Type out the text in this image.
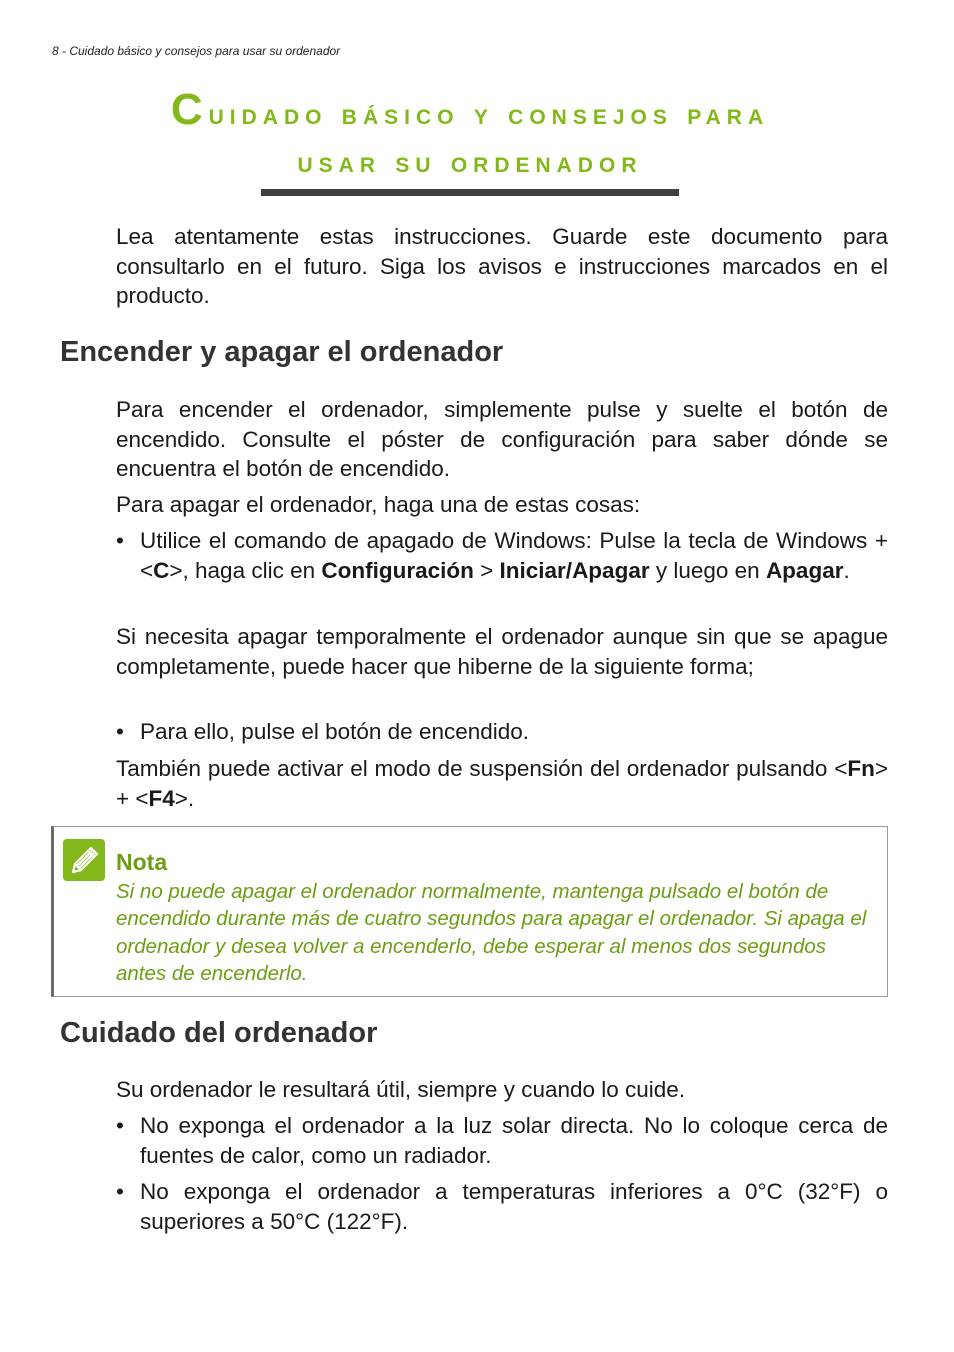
8 - Cuidado básico y consejos para usar su ordenador
Cuidado básico y consejos para
usar su ordenador

Lea atentamente estas instrucciones. Guarde este documento para consultarlo en el futuro. Siga los avisos e instrucciones marcados en el producto.

Encender y apagar el ordenador

Para encender el ordenador, simplemente pulse y suelte el botón de encendido. Consulte el póster de configuración para saber dónde se encuentra el botón de encendido.

Para apagar el ordenador, haga una de estas cosas:

• Utilice el comando de apagado de Windows: Pulse la tecla de Windows + <C>, haga clic en Configuración > Iniciar/Apagar y luego en Apagar.

Si necesita apagar temporalmente el ordenador aunque sin que se apague completamente, puede hacer que hiberne de la siguiente forma;

• Para ello, pulse el botón de encendido.

También puede activar el modo de suspensión del ordenador pulsando <Fn> + <F4>.

Nota

Si no puede apagar el ordenador normalmente, mantenga pulsado el botón de encendido durante más de cuatro segundos para apagar el ordenador. Si apaga el ordenador y desea volver a encenderlo, debe esperar al menos dos segundos antes de encenderlo.

Cuidado del ordenador

Su ordenador le resultará útil, siempre y cuando lo cuide.

• No exponga el ordenador a la luz solar directa. No lo coloque cerca de fuentes de calor, como un radiador.

• No exponga el ordenador a temperaturas inferiores a 0°C (32°F) o superiores a 50°C (122°F).
